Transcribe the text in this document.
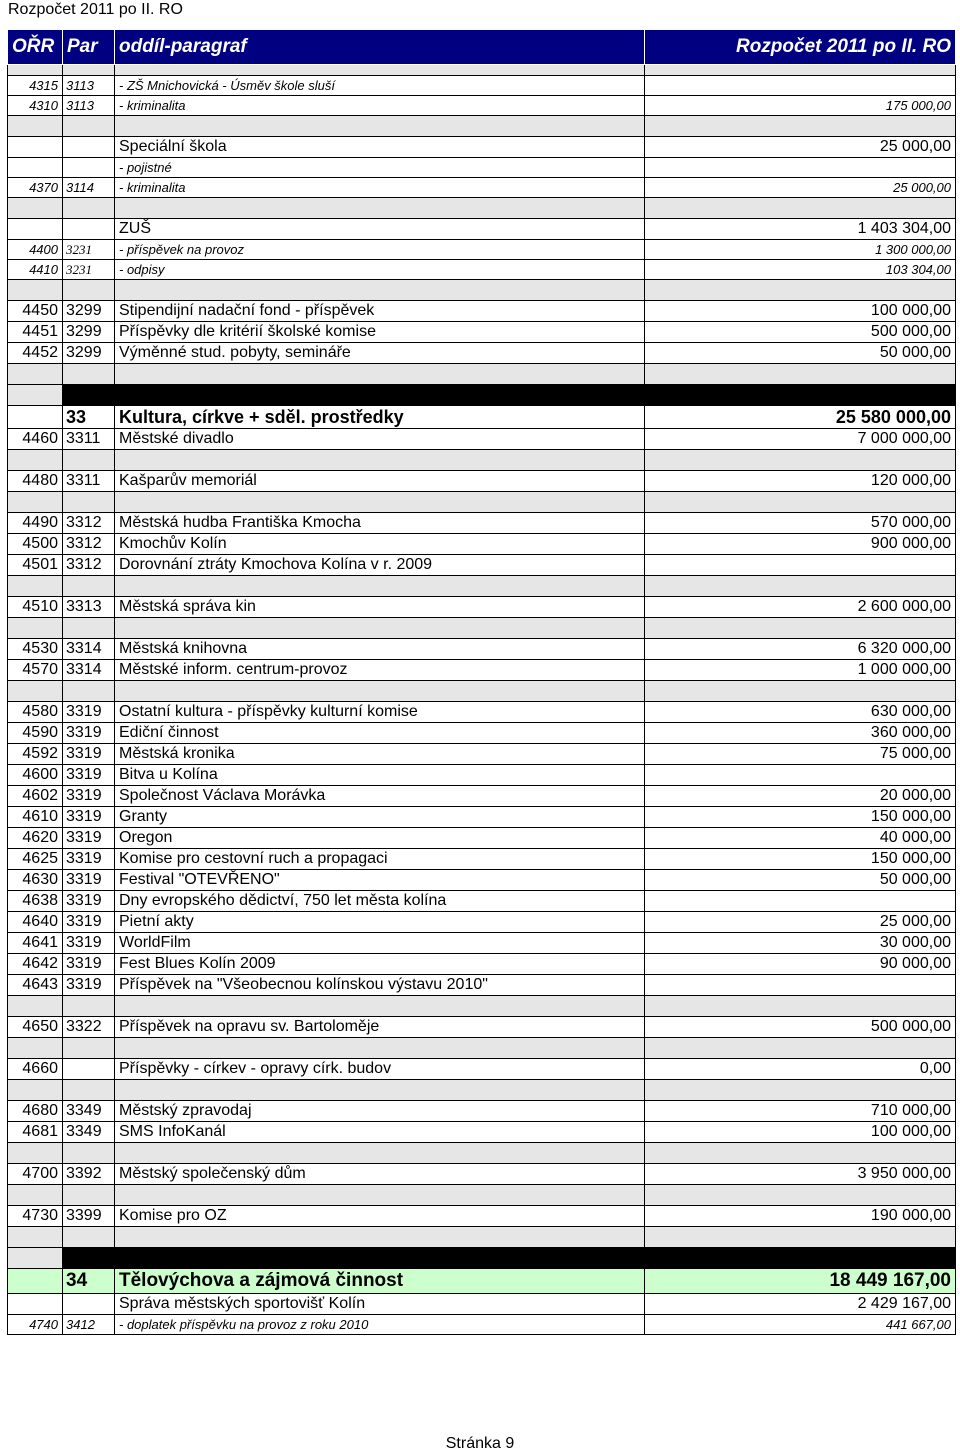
Rozpočet 2011 po II. RO
OŘR	Par	oddíl-paragraf	Rozpočet 2011 po II. RO

4315	3113	- ZŠ Mnichovická - Úsměv škole sluší	
4310	3113	- kriminalita	175 000,00

		Speciální škola	25 000,00
		- pojistné	
4370	3114	- kriminalita	25 000,00

		ZUŠ	1 403 304,00
4400	3231	- příspěvek na provoz	1 300 000,00
4410	3231	- odpisy	103 304,00

4450	3299	Stipendijní nadační fond - příspěvek	100 000,00
4451	3299	Příspěvky dle kritérií školské komise	500 000,00
4452	3299	Výměnné stud. pobyty, semináře	50 000,00

	33	Kultura, církve + sděl. prostředky	25 580 000,00
4460	3311	Městské divadlo	7 000 000,00

4480	3311	Kašparův memoriál	120 000,00

4490	3312	Městská hudba Františka Kmocha	570 000,00
4500	3312	Kmochův Kolín	900 000,00
4501	3312	Dorovnání ztráty Kmochova Kolína v r. 2009	

4510	3313	Městská správa kin	2 600 000,00

4530	3314	Městská knihovna	6 320 000,00
4570	3314	Městské inform. centrum-provoz	1 000 000,00

4580	3319	Ostatní kultura - příspěvky kulturní komise	630 000,00
4590	3319	Ediční činnost	360 000,00
4592	3319	Městská kronika	75 000,00
4600	3319	Bitva u Kolína	
4602	3319	Společnost Václava Morávka	20 000,00
4610	3319	Granty	150 000,00
4620	3319	Oregon	40 000,00
4625	3319	Komise pro cestovní ruch a propagaci	150 000,00
4630	3319	Festival "OTEVŘENO"	50 000,00
4638	3319	Dny evropského dědictví, 750 let města kolína	
4640	3319	Pietní akty	25 000,00
4641	3319	WorldFilm	30 000,00
4642	3319	Fest Blues Kolín 2009	90 000,00
4643	3319	Příspěvek na "Všeobecnou kolínskou výstavu 2010"	

4650	3322	Příspěvek na opravu sv. Bartoloměje	500 000,00

4660		Příspěvky - církev - opravy círk. budov	0,00

4680	3349	Městský zpravodaj	710 000,00
4681	3349	SMS InfoKanál	100 000,00

4700	3392	Městský společenský dům	3 950 000,00

4730	3399	Komise pro OZ	190 000,00

	34	Tělovýchova a zájmová činnost	18 449 167,00
		Správa městských sportovišť Kolín	2 429 167,00
4740	3412	- doplatek příspěvku na provoz z roku 2010	441 667,00
Stránka 9
